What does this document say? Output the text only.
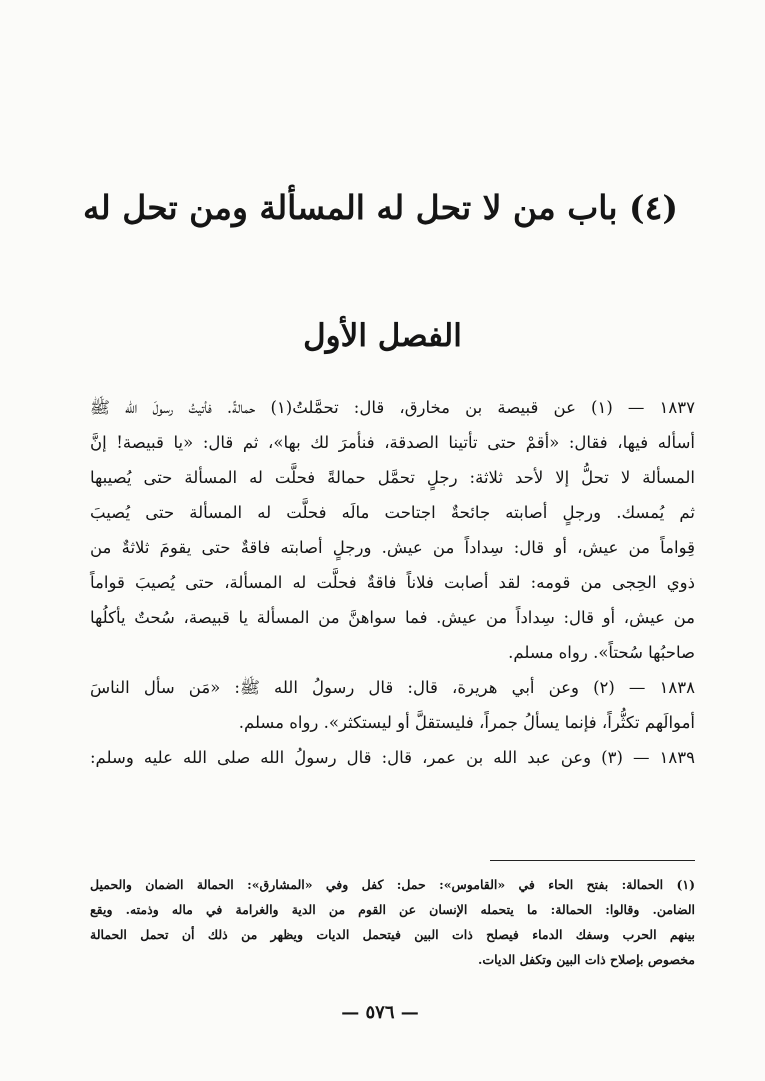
(٤) باب من لا تحل له المسألة ومن تحل له
الفصل الأول
١٨٣٧ — (١) عن قبيصة بن مخارق، قال: تحمَّلتُ(١) حمالةً. فأتيتُ رسولَ الله ﷺ
أسأله فيها، فقال: «أقمْ حتى تأتينا الصدقة، فنأمرَ لك بها»، ثم قال: «يا قبيصة! إنَّ
المسألة لا تحلُّ إلا لأحد ثلاثة: رجلٍ تحمَّل حمالةً فحلَّت له المسألة حتى يُصيبها
ثم يُمسك. ورجلٍ أصابته جائحةٌ اجتاحت مالَه فحلَّت له المسألة حتى يُصيبَ
قِواماً من عيش، أو قال: سِداداً من عيش. ورجلٍ أصابته فاقةٌ حتى يقومَ ثلاثةٌ من
ذوي الحِجى من قومه: لقد أصابت فلاناً فاقةٌ فحلَّت له المسألة، حتى يُصيبَ قواماً
من عيش، أو قال: سِداداً من عيش. فما سواهنَّ من المسألة يا قبيصة، سُحتٌ يأكلُها
صاحبُها سُحتاً». رواه مسلم.
١٨٣٨ — (٢) وعن أبي هريرة، قال: قال رسولُ الله ﷺ: «مَن سأل الناسَ
أموالَهم تكثُّراً، فإنما يسألُ جمراً، فليستقلَّ أو ليستكثر». رواه مسلم.
١٨٣٩ — (٣) وعن عبد الله بن عمر، قال: قال رسولُ الله صلى الله عليه وسلم:
(١) الحمالة: بفتح الحاء في «القاموس»: حمل: كفل وفي «المشارق»: الحمالة الضمان والحميل
الضامن. وقالوا: الحمالة: ما يتحمله الإنسان عن القوم من الدية والغرامة في ماله وذمته. ويقع
بينهم الحرب وسفك الدماء فيصلح ذات البين فيتحمل الديات ويظهر من ذلك أن تحمل الحمالة
مخصوص بإصلاح ذات البين وتكفل الديات.
— ٥٧٦ —
